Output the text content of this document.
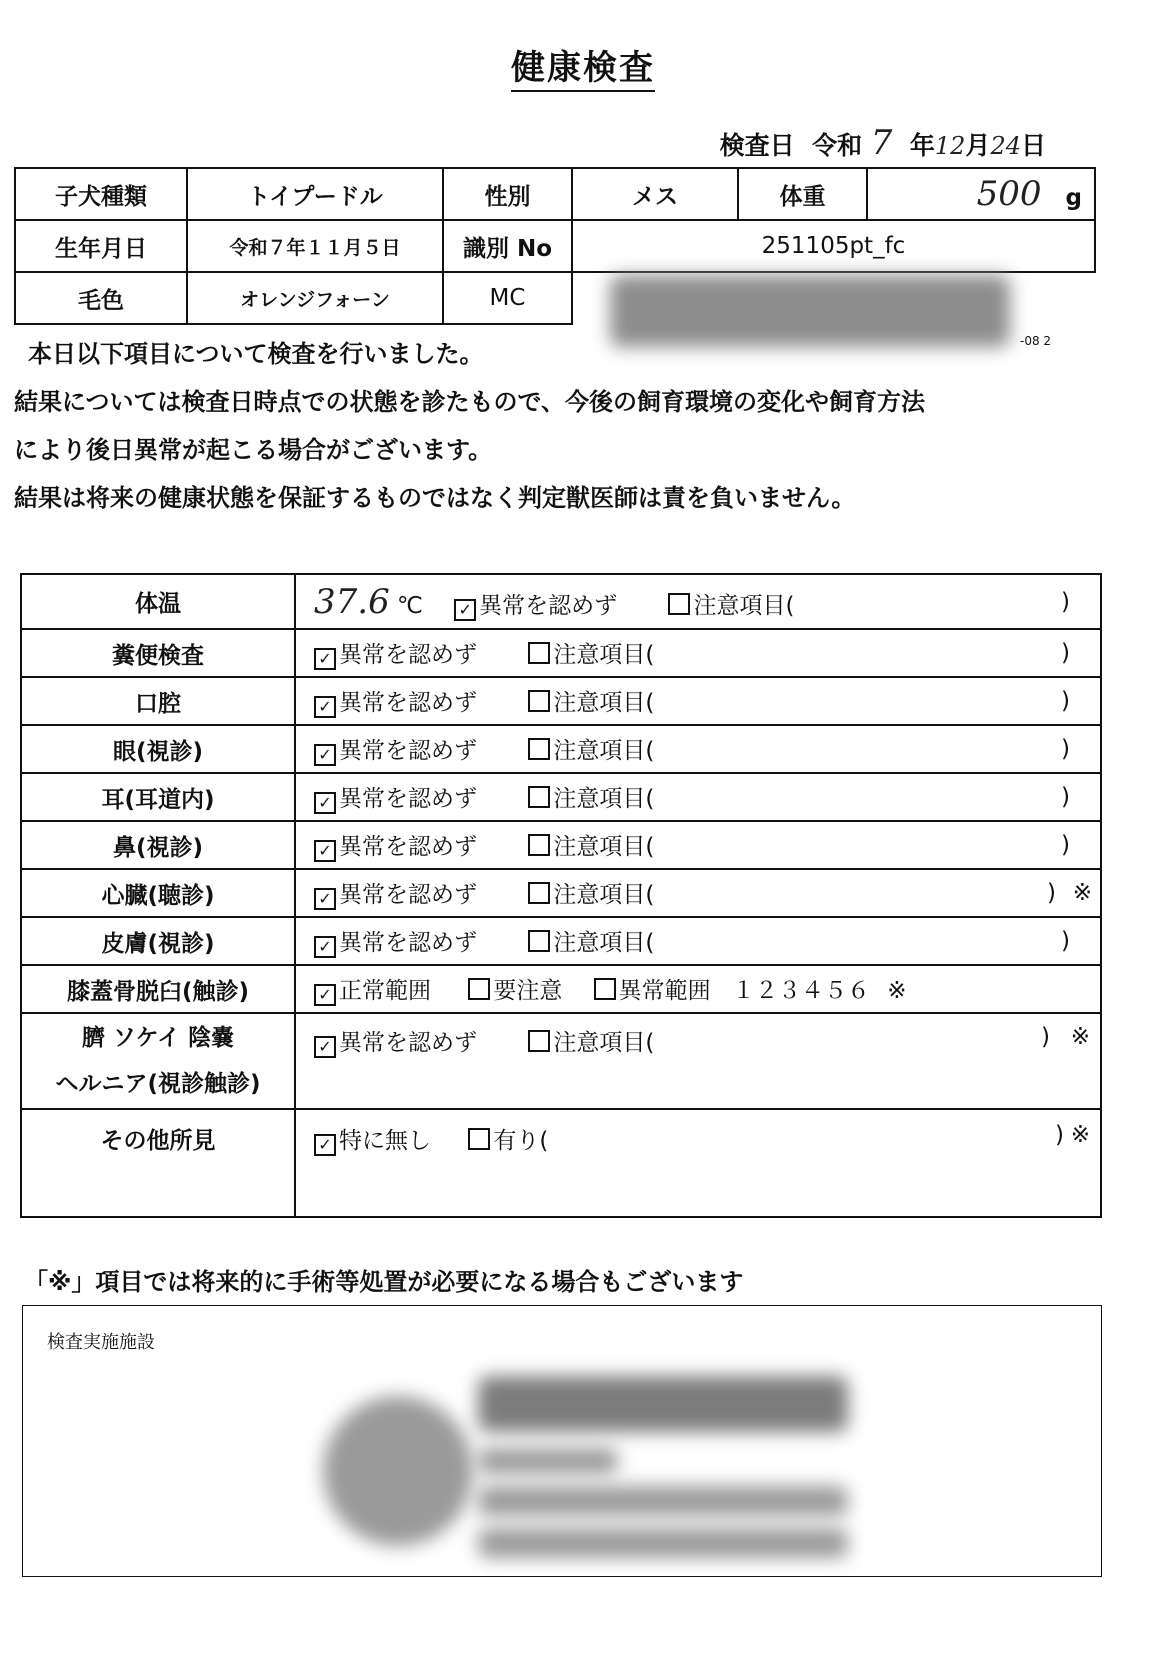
健康検査
検査日 令和 7 年12月24日
子犬種類	トイプードル	性別	メス	体重	500 g
生年月日	令和７年１１月５日	識別 No	251105pt_fc		
毛色	オレンジフォーン	MC			
-08 2
本日以下項目について検査を行いました。
結果については検査日時点での状態を診たもので、今後の飼育環境の変化や飼育方法
により後日異常が起こる場合がございます。
結果は将来の健康状態を保証するものではなく判定獣医師は責を負いません。
体温	37.6 ℃ ✓ 異常を認めず 注意項目( )

糞便検査	✓ 異常を認めず 注意項目( )

口腔	✓ 異常を認めず 注意項目( )

眼(視診)	✓ 異常を認めず 注意項目( )

耳(耳道内)	✓ 異常を認めず 注意項目( )

鼻(視診)	✓ 異常を認めず 注意項目( )

心臓(聴診)	✓ 異常を認めず 注意項目( ) ※

皮膚(視診)	✓ 異常を認めず 注意項目( )

膝蓋骨脱臼(触診)	✓ 正常範囲 要注意 異常範囲 １２３４５６ ※
臍 ソケイ 陰嚢
ヘルニア(視診触診)	✓ 異常を認めず 注意項目( ) ※

その他所見	✓ 特に無し 有り( ) ※
「※」項目では将来的に手術等処置が必要になる場合もございます
検査実施施設
